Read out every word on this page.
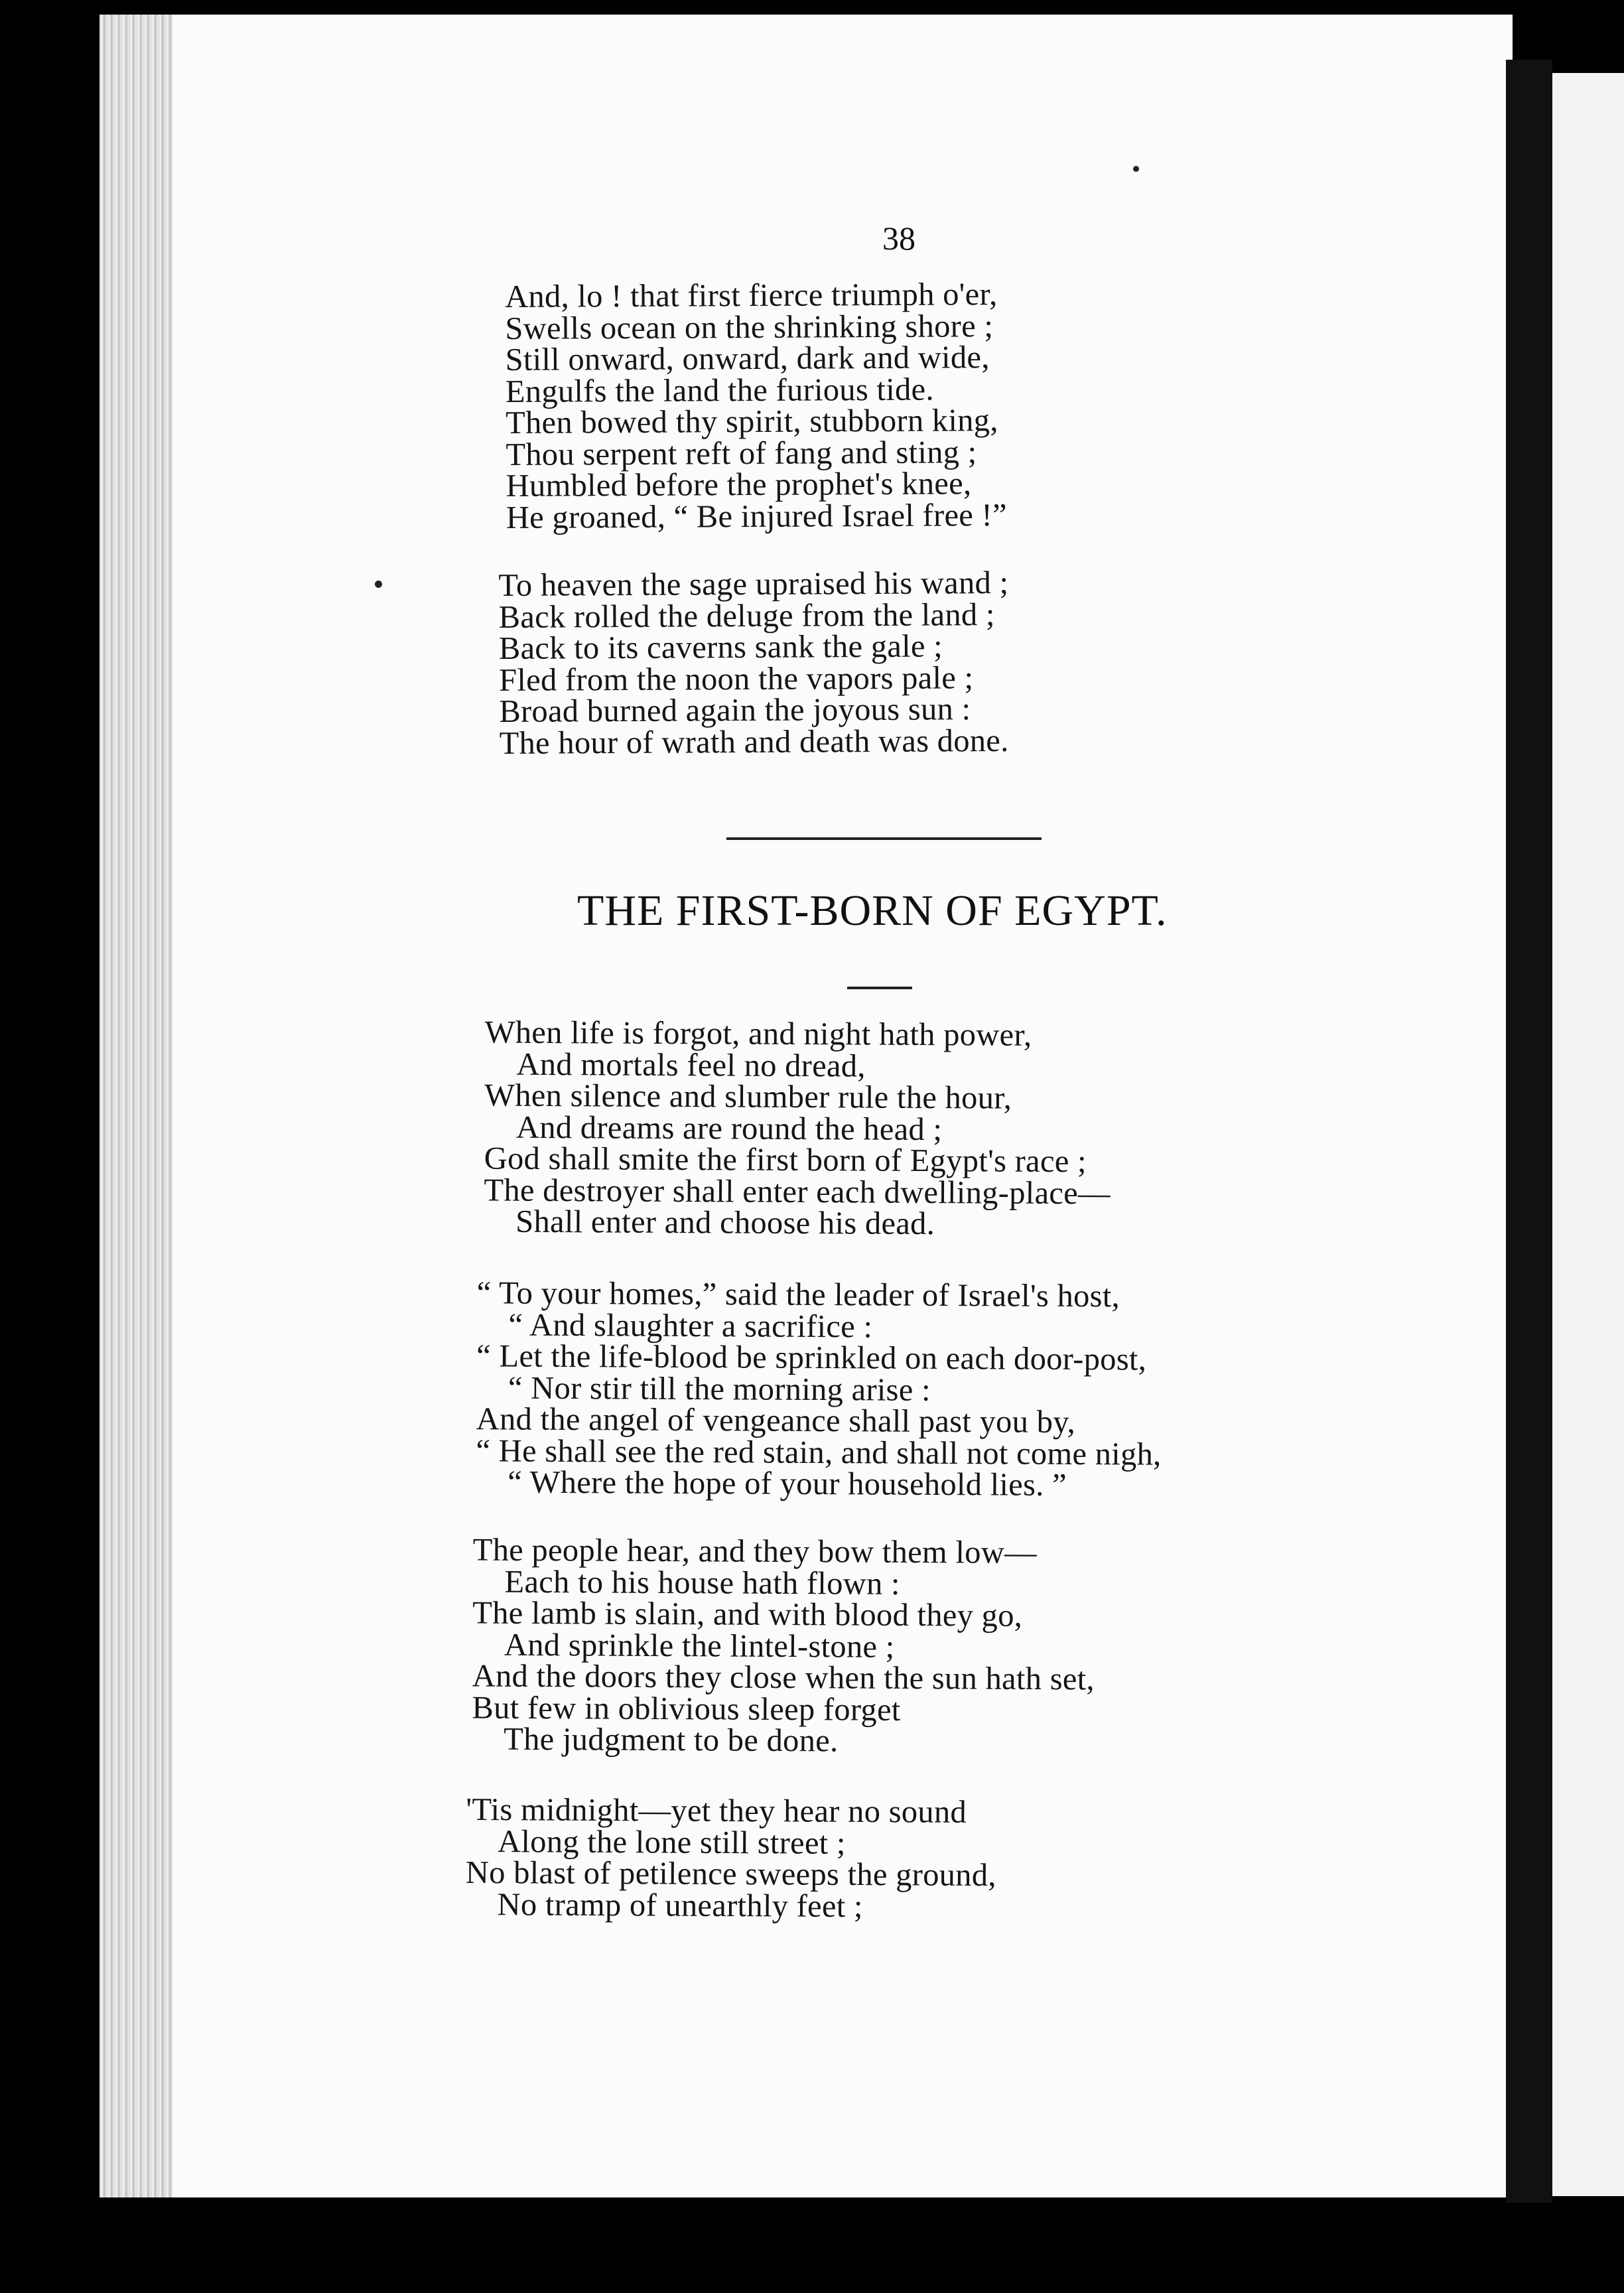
38
And, lo ! that first fierce triumph o'er,
Swells ocean on the shrinking shore ;
Still onward, onward, dark and wide,
Engulfs the land the furious tide.
Then bowed thy spirit, stubborn king,
Thou serpent reft of fang and sting ;
Humbled before the prophet's knee,
He groaned, “ Be injured Israel free !”
To heaven the sage upraised his wand ;
Back rolled the deluge from the land ;
Back to its caverns sank the gale ;
Fled from the noon the vapors pale ;
Broad burned again the joyous sun :
The hour of wrath and death was done.
THE FIRST-BORN OF EGYPT.
When life is forgot, and night hath power,
And mortals feel no dread,
When silence and slumber rule the hour,
And dreams are round the head ;
God shall smite the first born of Egypt's race ;
The destroyer shall enter each dwelling-place—
Shall enter and choose his dead.
“ To your homes,” said the leader of Israel's host,
“ And slaughter a sacrifice :
“ Let the life-blood be sprinkled on each door-post,
“ Nor stir till the morning arise :
And the angel of vengeance shall past you by,
“ He shall see the red stain, and shall not come nigh,
“ Where the hope of your household lies. ”
The people hear, and they bow them low—
Each to his house hath flown :
The lamb is slain, and with blood they go,
And sprinkle the lintel-stone ;
And the doors they close when the sun hath set,
But few in oblivious sleep forget
The judgment to be done.
'Tis midnight—yet they hear no sound
Along the lone still street ;
No blast of petilence sweeps the ground,
No tramp of unearthly feet ;
